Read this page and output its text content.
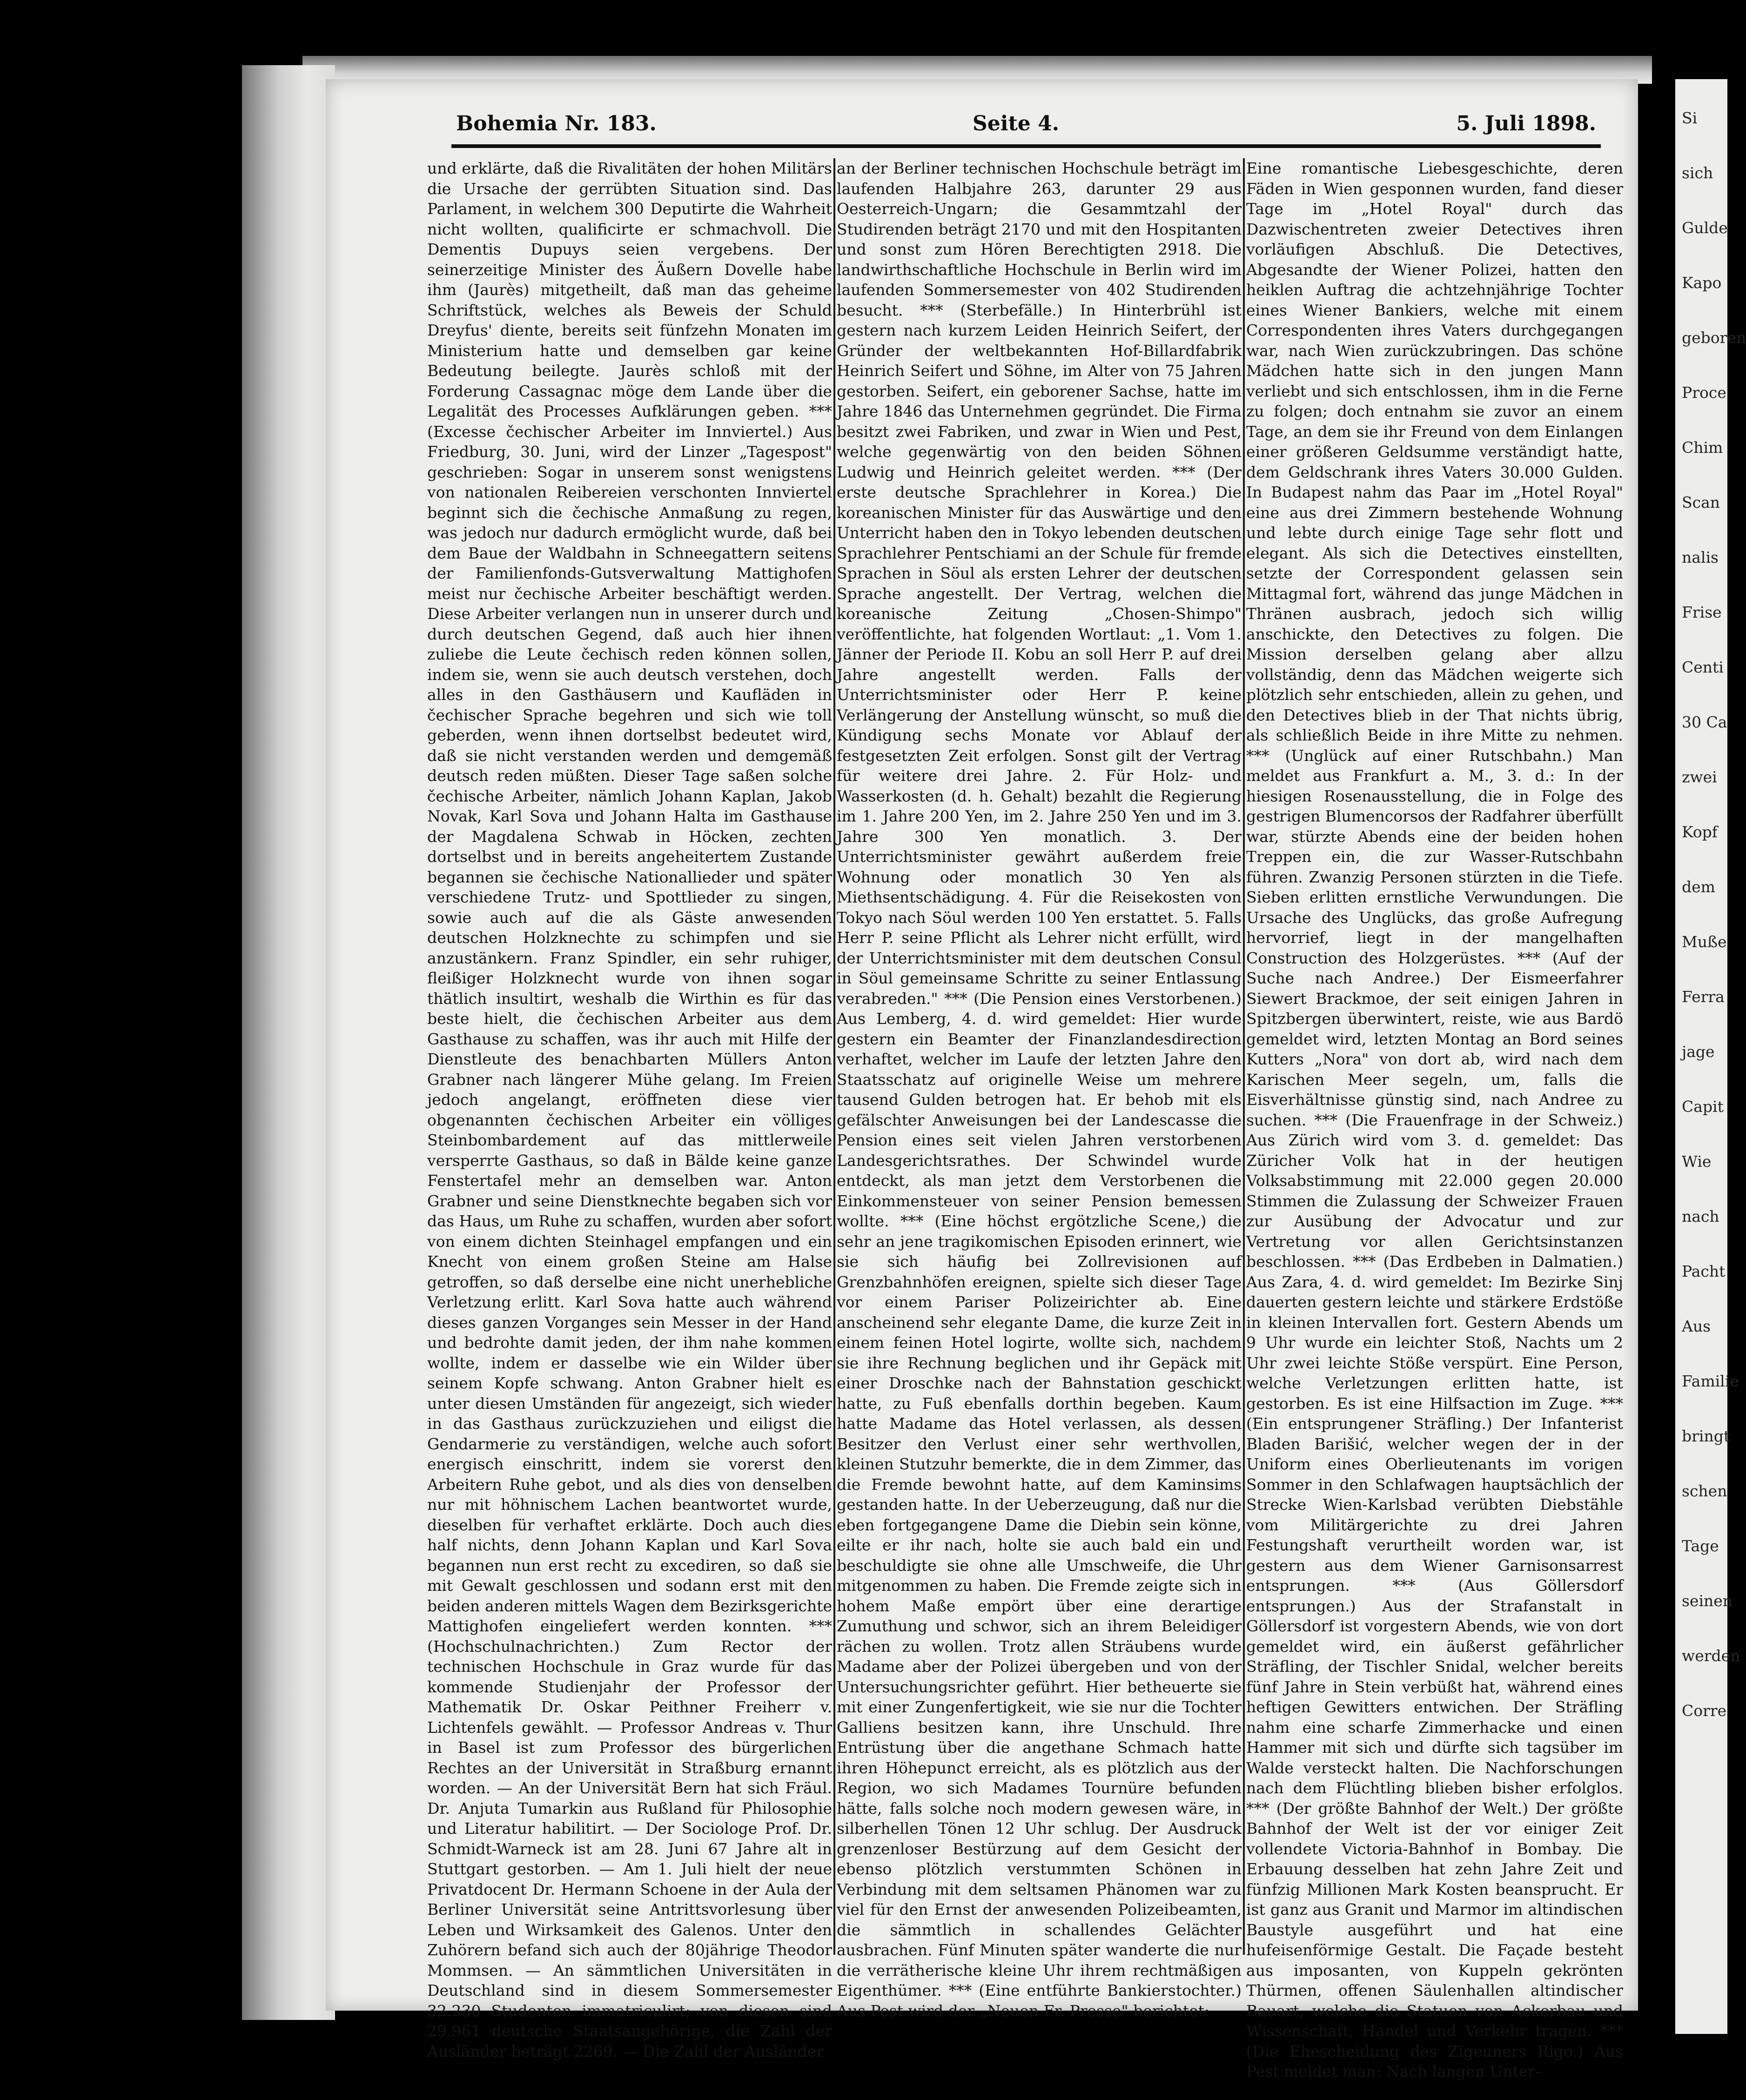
Bohemia Nr. 183.	Seite 4.	5. Juli 1898.

und erklärte, daß die Rivalitäten der hohen Militärs die Ursache der gerrübten Situation sind. Das Parlament, in welchem 300 Deputirte die Wahrheit nicht wollten, qualificirte er schmachvoll. Die Dementis Dupuys seien vergebens. Der seinerzeitige Minister des Äußern Dovelle habe ihm (Jaurès) mitgetheilt, daß man das geheime Schriftstück, welches als Beweis der Schuld Dreyfus' diente, bereits seit fünfzehn Monaten im Ministerium hatte und demselben gar keine Bedeutung beilegte. Jaurès schloß mit der Forderung Cassagnac möge dem Lande über die Legalität des Processes Aufklärungen geben. *** (Excesse čechischer Arbeiter im Innviertel.) Aus Friedburg, 30. Juni, wird der Linzer „Tagespost" geschrieben: Sogar in unserem sonst wenigstens von nationalen Reibereien verschonten Innviertel beginnt sich die čechische Anmaßung zu regen, was jedoch nur dadurch ermöglicht wurde, daß bei dem Baue der Waldbahn in Schneegattern seitens der Familienfonds-Gutsverwaltung Mattighofen meist nur čechische Arbeiter beschäftigt werden. Diese Arbeiter verlangen nun in unserer durch und durch deutschen Gegend, daß auch hier ihnen zuliebe die Leute čechisch reden können sollen, indem sie, wenn sie auch deutsch verstehen, doch alles in den Gasthäusern und Kaufläden in čechischer Sprache begehren und sich wie toll geberden, wenn ihnen dortselbst bedeutet wird, daß sie nicht verstanden werden und demgemäß deutsch reden müßten. Dieser Tage saßen solche čechische Arbeiter, nämlich Johann Kaplan, Jakob Novak, Karl Sova und Johann Halta im Gasthause der Magdalena Schwab in Höcken, zechten dortselbst und in bereits angeheitertem Zustande begannen sie čechische Nationallieder und später verschiedene Trutz- und Spottlieder zu singen, sowie auch auf die als Gäste anwesenden deutschen Holzknechte zu schimpfen und sie anzustänkern. Franz Spindler, ein sehr ruhiger, fleißiger Holzknecht wurde von ihnen sogar thätlich insultirt, weshalb die Wirthin es für das beste hielt, die čechischen Arbeiter aus dem Gasthause zu schaffen, was ihr auch mit Hilfe der Dienstleute des benachbarten Müllers Anton Grabner nach längerer Mühe gelang. Im Freien jedoch angelangt, eröffneten diese vier obgenannten čechischen Arbeiter ein völliges Steinbombardement auf das mittlerweile versperrte Gasthaus, so daß in Bälde keine ganze Fenstertafel mehr an demselben war. Anton Grabner und seine Dienstknechte begaben sich vor das Haus, um Ruhe zu schaffen, wurden aber sofort von einem dichten Steinhagel empfangen und ein Knecht von einem großen Steine am Halse getroffen, so daß derselbe eine nicht unerhebliche Verletzung erlitt. Karl Sova hatte auch während dieses ganzen Vorganges sein Messer in der Hand und bedrohte damit jeden, der ihm nahe kommen wollte, indem er dasselbe wie ein Wilder über seinem Kopfe schwang. Anton Grabner hielt es unter diesen Umständen für angezeigt, sich wieder in das Gasthaus zurückzuziehen und eiligst die Gendarmerie zu verständigen, welche auch sofort energisch einschritt, indem sie vorerst den Arbeitern Ruhe gebot, und als dies von denselben nur mit höhnischem Lachen beantwortet wurde, dieselben für verhaftet erklärte. Doch auch dies half nichts, denn Johann Kaplan und Karl Sova begannen nun erst recht zu excediren, so daß sie mit Gewalt geschlossen und sodann erst mit den beiden anderen mittels Wagen dem Bezirksgerichte Mattighofen eingeliefert werden konnten. *** (Hochschulnachrichten.) Zum Rector der technischen Hochschule in Graz wurde für das kommende Studienjahr der Professor der Mathematik Dr. Oskar Peithner Freiherr v. Lichtenfels gewählt. — Professor Andreas v. Thur in Basel ist zum Professor des bürgerlichen Rechtes an der Universität in Straßburg ernannt worden. — An der Universität Bern hat sich Fräul. Dr. Anjuta Tumarkin aus Rußland für Philosophie und Literatur habilitirt. — Der Sociologe Prof. Dr. Schmidt-Warneck ist am 28. Juni 67 Jahre alt in Stuttgart gestorben. — Am 1. Juli hielt der neue Privatdocent Dr. Hermann Schoene in der Aula der Berliner Universität seine Antrittsvorlesung über Leben und Wirksamkeit des Galenos. Unter den Zuhörern befand sich auch der 80jährige Theodor Mommsen. — An sämmtlichen Universitäten in Deutschland sind in diesem Sommersemester 32.230 Studenten immatriculirt; von diesen sind 29.961 deutsche Staatsangehörige, die Zahl der Ausländer beträgt 2269. — Die Zahl der Ausländer

an der Berliner technischen Hochschule beträgt im laufenden Halbjahre 263, darunter 29 aus Oesterreich-Ungarn; die Gesammtzahl der Studirenden beträgt 2170 und mit den Hospitanten und sonst zum Hören Berechtigten 2918. Die landwirthschaftliche Hochschule in Berlin wird im laufenden Sommersemester von 402 Studirenden besucht. *** (Sterbefälle.) In Hinterbrühl ist gestern nach kurzem Leiden Heinrich Seifert, der Gründer der weltbekannten Hof-Billardfabrik Heinrich Seifert und Söhne, im Alter von 75 Jahren gestorben. Seifert, ein geborener Sachse, hatte im Jahre 1846 das Unternehmen gegründet. Die Firma besitzt zwei Fabriken, und zwar in Wien und Pest, welche gegenwärtig von den beiden Söhnen Ludwig und Heinrich geleitet werden. *** (Der erste deutsche Sprachlehrer in Korea.) Die koreanischen Minister für das Auswärtige und den Unterricht haben den in Tokyo lebenden deutschen Sprachlehrer Pentschiami an der Schule für fremde Sprachen in Söul als ersten Lehrer der deutschen Sprache angestellt. Der Vertrag, welchen die koreanische Zeitung „Chosen-Shimpo" veröffentlichte, hat folgenden Wortlaut: „1. Vom 1. Jänner der Periode II. Kobu an soll Herr P. auf drei Jahre angestellt werden. Falls der Unterrichtsminister oder Herr P. keine Verlängerung der Anstellung wünscht, so muß die Kündigung sechs Monate vor Ablauf der festgesetzten Zeit erfolgen. Sonst gilt der Vertrag für weitere drei Jahre. 2. Für Holz- und Wasserkosten (d. h. Gehalt) bezahlt die Regierung im 1. Jahre 200 Yen, im 2. Jahre 250 Yen und im 3. Jahre 300 Yen monatlich. 3. Der Unterrichtsminister gewährt außerdem freie Wohnung oder monatlich 30 Yen als Miethsentschädigung. 4. Für die Reisekosten von Tokyo nach Söul werden 100 Yen erstattet. 5. Falls Herr P. seine Pflicht als Lehrer nicht erfüllt, wird der Unterrichtsminister mit dem deutschen Consul in Söul gemeinsame Schritte zu seiner Entlassung verabreden." *** (Die Pension eines Verstorbenen.) Aus Lemberg, 4. d. wird gemeldet: Hier wurde gestern ein Beamter der Finanzlandesdirection verhaftet, welcher im Laufe der letzten Jahre den Staatsschatz auf originelle Weise um mehrere tausend Gulden betrogen hat. Er behob mit els gefälschter Anweisungen bei der Landescasse die Pension eines seit vielen Jahren verstorbenen Landesgerichtsrathes. Der Schwindel wurde entdeckt, als man jetzt dem Verstorbenen die Einkommensteuer von seiner Pension bemessen wollte. *** (Eine höchst ergötzliche Scene,) die sehr an jene tragikomischen Episoden erinnert, wie sie sich häufig bei Zollrevisionen auf Grenzbahnhöfen ereignen, spielte sich dieser Tage vor einem Pariser Polizeirichter ab. Eine anscheinend sehr elegante Dame, die kurze Zeit in einem feinen Hotel logirte, wollte sich, nachdem sie ihre Rechnung beglichen und ihr Gepäck mit einer Droschke nach der Bahnstation geschickt hatte, zu Fuß ebenfalls dorthin begeben. Kaum hatte Madame das Hotel verlassen, als dessen Besitzer den Verlust einer sehr werthvollen, kleinen Stutzuhr bemerkte, die in dem Zimmer, das die Fremde bewohnt hatte, auf dem Kaminsims gestanden hatte. In der Ueberzeugung, daß nur die eben fortgegangene Dame die Diebin sein könne, eilte er ihr nach, holte sie auch bald ein und beschuldigte sie ohne alle Umschweife, die Uhr mitgenommen zu haben. Die Fremde zeigte sich in hohem Maße empört über eine derartige Zumuthung und schwor, sich an ihrem Beleidiger rächen zu wollen. Trotz allen Sträubens wurde Madame aber der Polizei übergeben und von der Untersuchungsrichter geführt. Hier betheuerte sie mit einer Zungenfertigkeit, wie sie nur die Tochter Galliens besitzen kann, ihre Unschuld. Ihre Entrüstung über die angethane Schmach hatte ihren Höhepunct erreicht, als es plötzlich aus der Region, wo sich Madames Tournüre befunden hätte, falls solche noch modern gewesen wäre, in silberhellen Tönen 12 Uhr schlug. Der Ausdruck grenzenloser Bestürzung auf dem Gesicht der ebenso plötzlich verstummten Schönen in Verbindung mit dem seltsamen Phänomen war zu viel für den Ernst der anwesenden Polizeibeamten, die sämmtlich in schallendes Gelächter ausbrachen. Fünf Minuten später wanderte die nur die verrätherische kleine Uhr ihrem rechtmäßigen Eigenthümer. *** (Eine entführte Bankierstochter.) Aus Pest wird der „Neuen Fr. Presse" berichtet:

Eine romantische Liebesgeschichte, deren Fäden in Wien gesponnen wurden, fand dieser Tage im „Hotel Royal" durch das Dazwischentreten zweier Detectives ihren vorläufigen Abschluß. Die Detectives, Abgesandte der Wiener Polizei, hatten den heiklen Auftrag die achtzehnjährige Tochter eines Wiener Bankiers, welche mit einem Correspondenten ihres Vaters durchgegangen war, nach Wien zurückzubringen. Das schöne Mädchen hatte sich in den jungen Mann verliebt und sich entschlossen, ihm in die Ferne zu folgen; doch entnahm sie zuvor an einem Tage, an dem sie ihr Freund von dem Einlangen einer größeren Geldsumme verständigt hatte, dem Geldschrank ihres Vaters 30.000 Gulden. In Budapest nahm das Paar im „Hotel Royal" eine aus drei Zimmern bestehende Wohnung und lebte durch einige Tage sehr flott und elegant. Als sich die Detectives einstellten, setzte der Correspondent gelassen sein Mittagmal fort, während das junge Mädchen in Thränen ausbrach, jedoch sich willig anschickte, den Detectives zu folgen. Die Mission derselben gelang aber allzu vollständig, denn das Mädchen weigerte sich plötzlich sehr entschieden, allein zu gehen, und den Detectives blieb in der That nichts übrig, als schließlich Beide in ihre Mitte zu nehmen. *** (Unglück auf einer Rutschbahn.) Man meldet aus Frankfurt a. M., 3. d.: In der hiesigen Rosenausstellung, die in Folge des gestrigen Blumencorsos der Radfahrer überfüllt war, stürzte Abends eine der beiden hohen Treppen ein, die zur Wasser-Rutschbahn führen. Zwanzig Personen stürzten in die Tiefe. Sieben erlitten ernstliche Verwundungen. Die Ursache des Unglücks, das große Aufregung hervorrief, liegt in der mangelhaften Construction des Holzgerüstes. *** (Auf der Suche nach Andree.) Der Eismeerfahrer Siewert Brackmoe, der seit einigen Jahren in Spitzbergen überwintert, reiste, wie aus Bardö gemeldet wird, letzten Montag an Bord seines Kutters „Nora" von dort ab, wird nach dem Karischen Meer segeln, um, falls die Eisverhältnisse günstig sind, nach Andree zu suchen. *** (Die Frauenfrage in der Schweiz.) Aus Zürich wird vom 3. d. gemeldet: Das Züricher Volk hat in der heutigen Volksabstimmung mit 22.000 gegen 20.000 Stimmen die Zulassung der Schweizer Frauen zur Ausübung der Advocatur und zur Vertretung vor allen Gerichtsinstanzen beschlossen. *** (Das Erdbeben in Dalmatien.) Aus Zara, 4. d. wird gemeldet: Im Bezirke Sinj dauerten gestern leichte und stärkere Erdstöße in kleinen Intervallen fort. Gestern Abends um 9 Uhr wurde ein leichter Stoß, Nachts um 2 Uhr zwei leichte Stöße verspürt. Eine Person, welche Verletzungen erlitten hatte, ist gestorben. Es ist eine Hilfsaction im Zuge. *** (Ein entsprungener Sträfling.) Der Infanterist Bladen Barišić, welcher wegen der in der Uniform eines Oberlieutenants im vorigen Sommer in den Schlafwagen hauptsächlich der Strecke Wien-Karlsbad verübten Diebstähle vom Militärgerichte zu drei Jahren Festungshaft verurtheilt worden war, ist gestern aus dem Wiener Garnisonsarrest entsprungen. *** (Aus Göllersdorf entsprungen.) Aus der Strafanstalt in Göllersdorf ist vorgestern Abends, wie von dort gemeldet wird, ein äußerst gefährlicher Sträfling, der Tischler Snidal, welcher bereits fünf Jahre in Stein verbüßt hat, während eines heftigen Gewitters entwichen. Der Sträfling nahm eine scharfe Zimmerhacke und einen Hammer mit sich und dürfte sich tagsüber im Walde versteckt halten. Die Nachforschungen nach dem Flüchtling blieben bisher erfolglos. *** (Der größte Bahnhof der Welt.) Der größte Bahnhof der Welt ist der vor einiger Zeit vollendete Victoria-Bahnhof in Bombay. Die Erbauung desselben hat zehn Jahre Zeit und fünfzig Millionen Mark Kosten beansprucht. Er ist ganz aus Granit und Marmor im altindischen Baustyle ausgeführt und hat eine hufeisenförmige Gestalt. Die Façade besteht aus imposanten, von Kuppeln gekrönten Thürmen, offenen Säulenhallen altindischer Bauart, welche die Statuen von Ackerbau und Wissenschaft, Handel und Verkehr tragen. *** (Die Ehescheidung des Zigeuners Rigo.) Aus Pest meldet man: Nach langen Unter-

Si
sich
Gulde
Kapo
geboren
Proce
Chim
Scan
nalis
Frise
Centi
30 Ca
zwei
Kopf
dem
Muße
Ferra
jage
Capit
Wie
nach
Pacht
Aus
Familie
bringt
schen
Tage
seinen
werden
Corre
